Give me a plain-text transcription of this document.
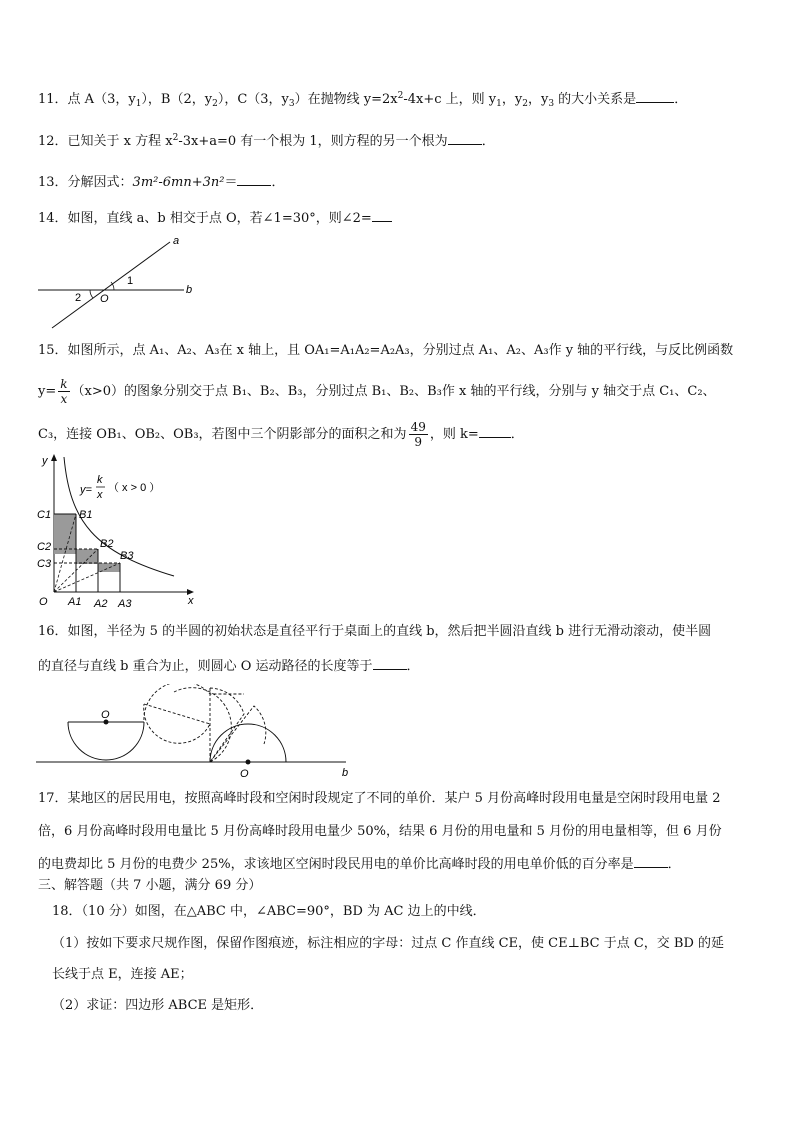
11．点 A（3，$y_1$），B（2，$y_2$），C（3，$y_3$）在抛物线 $y=2x^2-4x+c$ 上，则 $y_1$，$y_2$，$y_3$ 的大小关系是	．
12．已知关于 x 方程 $x^2-3x+a=0$ 有一个根为 1，则方程的另一个根为	．
13．分解因式：3m²-6mn+3n²＝	．
14．如图，直线 a、b 相交于点 O，若∠1=30°，则∠2=
a
b
O
1
2
15．如图所示，点 A₁、A₂、A₃在 x 轴上，且 OA₁=A₁A₂=A₂A₃，分别过点 A₁、A₂、A₃作 y 轴的平行线，与反比例函数
$y= \frac{k}{x} (x>0)$的图象分别交于点 B₁、B₂、B₃，分别过点 B₁、B₂、B₃作 x 轴的平行线，分别与 y 轴交于点 C₁、C₂、
C₃，连接 OB₁、OB₂、OB₃，若图中三个阴影部分的面积之和为 $\frac{49}{9}$ ，则 k= ．
y
x
O
C1
C2
C3
B1
B2
B3
A1 A2 A3
y=
k
x
（ x > 0 ）
16．如图，半径为 5 的半圆的初始状态是直径平行于桌面上的直线 b，然后把半圆沿直线 b 进行无滑动滚动，使半圆
的直径与直线 b 重合为止，则圆心 O 运动路径的长度等于	．
b
O
O
17．某地区的居民用电，按照高峰时段和空闲时段规定了不同的单价．某户 5 月份高峰时段用电量是空闲时段用电量 2
倍，6 月份高峰时段用电量比 5 月份高峰时段用电量少 50%，结果 6 月份的用电量和 5 月份的用电量相等，但 6 月份
的电费却比 5 月份的电费少 25%，求该地区空闲时段民用电的单价比高峰时段的用电单价低的百分率是	．
三、解答题（共 7 小题，满分 69 分）
18．（10 分）如图，在△ABC 中，∠ABC=90°，BD 为 AC 边上的中线．
（1）按如下要求尺规作图，保留作图痕迹，标注相应的字母：过点 C 作直线 CE，使 CE⊥BC 于点 C，交 BD 的延
长线于点 E，连接 AE；
（2）求证：四边形 ABCE 是矩形．
